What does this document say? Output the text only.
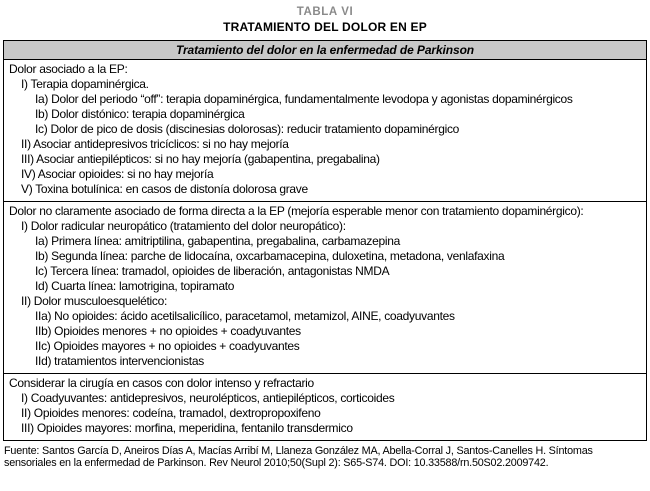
TABLA VI
TRATAMIENTO DEL DOLOR EN EP
Tratamiento del dolor en la enfermedad de Parkinson
Dolor asociado a la EP:
I) Terapia dopaminérgica.
Ia) Dolor del periodo “off”: terapia dopaminérgica, fundamentalmente levodopa y agonistas dopaminérgicos
Ib) Dolor distónico: terapia dopaminérgica
Ic) Dolor de pico de dosis (discinesias dolorosas): reducir tratamiento dopaminérgico
II) Asociar antidepresivos tricíclicos: si no hay mejoría
III) Asociar antiepilépticos: si no hay mejoría (gabapentina, pregabalina)
IV) Asociar opioides: si no hay mejoría
V) Toxina botulínica: en casos de distonía dolorosa grave
Dolor no claramente asociado de forma directa a la EP (mejoría esperable menor con tratamiento dopaminérgico):
I) Dolor radicular neuropático (tratamiento del dolor neuropático):
Ia) Primera línea: amitriptilina, gabapentina, pregabalina, carbamazepina
Ib) Segunda línea: parche de lidocaína, oxcarbamacepina, duloxetina, metadona, venlafaxina
Ic) Tercera línea: tramadol, opioides de liberación, antagonistas NMDA
Id) Cuarta línea: lamotrigina, topiramato
II) Dolor musculoesquelético:
IIa) No opioides: ácido acetilsalicílico, paracetamol, metamizol, AINE, coadyuvantes
IIb) Opioides menores + no opioides + coadyuvantes
IIc) Opioides mayores + no opioides + coadyuvantes
IId) tratamientos intervencionistas
Considerar la cirugía en casos con dolor intenso y refractario
I) Coadyuvantes: antidepresivos, neurolépticos, antiepilépticos, corticoides
II) Opioides menores: codeína, tramadol, dextropropoxifeno
III) Opioides mayores: morfina, meperidina, fentanilo transdermico
Fuente: Santos García D, Aneiros Días A, Macías Arribí M, Llaneza González MA, Abella-Corral J, Santos-Canelles H. Síntomas sensoriales en la enfermedad de Parkinson. Rev Neurol 2010;50(Supl 2): S65-S74. DOI: 10.33588/rn.50S02.2009742.
